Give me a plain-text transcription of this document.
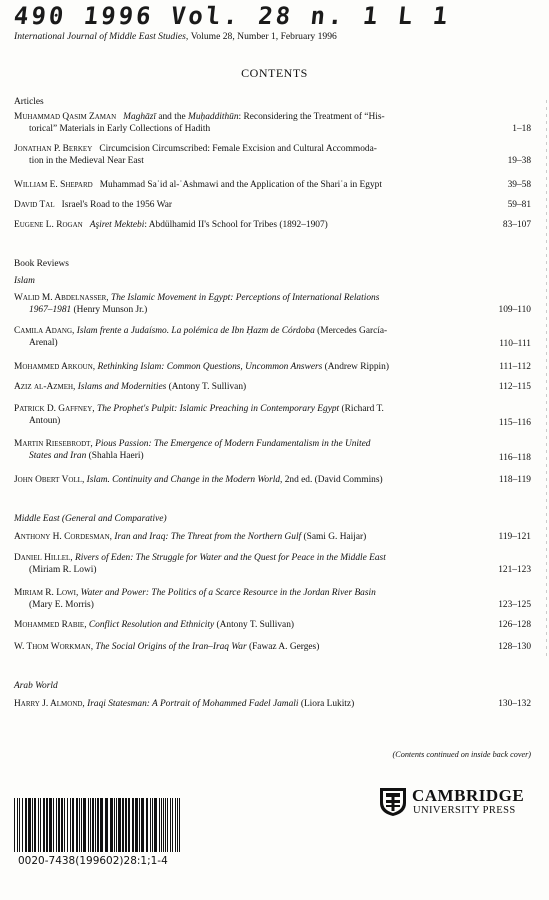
490 1996 Vol. 28 n. 1 L 1
International Journal of Middle East Studies, Volume 28, Number 1, February 1996
CONTENTS
Articles
Muhammad Qasim Zaman Maghāzī and the Muḥaddithūn: Reconsidering the Treatment of “His-
torical” Materials in Early Collections of Hadith	1–18
Jonathan P. Berkey Circumcision Circumscribed: Female Excision and Cultural Accommoda-
tion in the Medieval Near East	19–38
William E. Shepard Muhammad Saʿid al-ʿAshmawi and the Application of the Shariʿa in Egypt	39–58
David Tal Israel's Road to the 1956 War	59–81
Eugene L. Rogan Aşiret Mektebi: Abdülhamid II's School for Tribes (1892–1907)	83–107
Book Reviews
Islam
Walid M. Abdelnasser, The Islamic Movement in Egypt: Perceptions of International Relations
1967–1981 (Henry Munson Jr.)	109–110
Camila Adang, Islam frente a Judaísmo. La polémica de Ibn Ḥazm de Córdoba (Mercedes García-
Arenal)	110–111
Mohammed Arkoun, Rethinking Islam: Common Questions, Uncommon Answers (Andrew Rippin)	111–112
Aziz al-Azmeh, Islams and Modernities (Antony T. Sullivan)	112–115
Patrick D. Gaffney, The Prophet's Pulpit: Islamic Preaching in Contemporary Egypt (Richard T.
Antoun)	115–116
Martin Riesebrodt, Pious Passion: The Emergence of Modern Fundamentalism in the United
States and Iran (Shahla Haeri)	116–118
John Obert Voll, Islam. Continuity and Change in the Modern World, 2nd ed. (David Commins)	118–119
Middle East (General and Comparative)
Anthony H. Cordesman, Iran and Iraq: The Threat from the Northern Gulf (Sami G. Haijar)	119–121
Daniel Hillel, Rivers of Eden: The Struggle for Water and the Quest for Peace in the Middle East
(Miriam R. Lowi)	121–123
Miriam R. Lowi, Water and Power: The Politics of a Scarce Resource in the Jordan River Basin
(Mary E. Morris)	123–125
Mohammed Rabie, Conflict Resolution and Ethnicity (Antony T. Sullivan)	126–128
W. Thom Workman, The Social Origins of the Iran–Iraq War (Fawaz A. Gerges)	128–130
Arab World
Harry J. Almond, Iraqi Statesman: A Portrait of Mohammed Fadel Jamali (Liora Lukitz)	130–132
(Contents continued on inside back cover)
CAMBRIDGE
UNIVERSITY PRESS
0020-7438(199602)28:1;1-4
